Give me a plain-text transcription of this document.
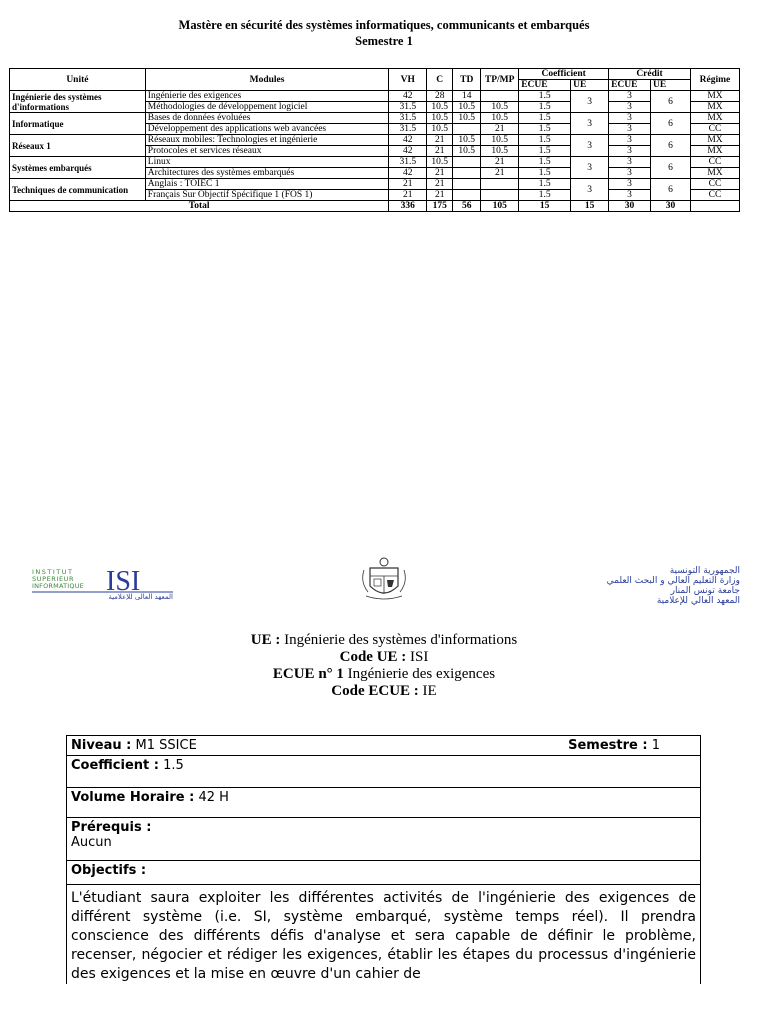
Mastère en sécurité des systèmes informatiques, communicants et embarqués
Semestre 1
Unité	Modules	VH	C	TD	TP/MP	Coefficient		Crédit		Régime
						ECUE	UE	ECUE	UE	
Ingénierie des systèmes d'informations	Ingénierie des exigences	42	28	14		1.5	3	3	6	MX
	Méthodologies de développement logiciel	31.5	10.5	10.5	10.5	1.5		3		MX
Informatique	Bases de données évoluées	31.5	10.5	10.5	10.5	1.5	3	3	6	MX
	Développement des applications web avancées	31.5	10.5		21	1.5		3		CC
Réseaux 1	Réseaux mobiles: Technologies et ingénierie	42	21	10.5	10.5	1.5	3	3	6	MX
	Protocoles et services réseaux	42	21	10.5	10.5	1.5		3		MX
Systèmes embarqués	Linux	31.5	10.5		21	1.5	3	3	6	CC
	Architectures des systèmes embarqués	42	21		21	1.5		3		MX
Techniques de communication	Anglais : TOIEC 1	21	21			1.5	3	3	6	CC
	Français Sur Objectif Spécifique 1 (FOS 1)	21	21			1.5		3		CC
Total		336	175	56	105	15	15	30	30	
INSTITUT
SUPERIEUR
INFORMATIQUE ISI
المعهد العالي للإعلامية
الجمهورية التونسية
وزارة التعليم العالي و البحث العلمي
جامعة تونس المنار
المعهد العالي للإعلامية
UE : Ingénierie des systèmes d'informations
Code UE : ISI
ECUE n° 1 Ingénierie des exigences
Code ECUE : IE
Semestre : 1
Niveau : M1 SSICE
Coefficient : 1.5
Volume Horaire : 42 H
Prérequis :
Aucun
Objectifs :
L'étudiant saura exploiter les différentes activités de l'ingénierie des exigences de différent système (i.e. SI, système embarqué, système temps réel). Il prendra conscience des différents défis d'analyse et sera capable de définir le problème, recenser, négocier et rédiger les exigences, établir les étapes du processus d'ingénierie des exigences et la mise en œuvre d'un cahier de
